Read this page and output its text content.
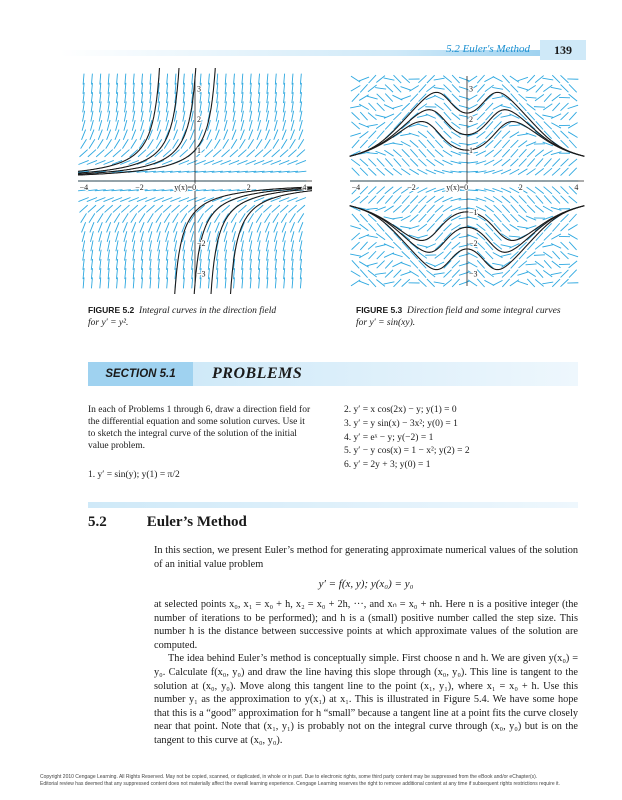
5.2 Euler's Method	139
3
2
1
−2
−3
−4	−2	y(x)=0	2	4
3
2
1
−1
−2
−3
−4	−2	y(x)=0	2	4
FIGURE 5.2 Integral curves in the direction field
for y′ = y².
FIGURE 5.3 Direction field and some integral curves
for y′ = sin(xy).
SECTION 5.1	PROBLEMS
In each of Problems 1 through 6, draw a direction field for
the differential equation and some solution curves. Use it
to sketch the integral curve of the solution of the initial
value problem.
1. y′ = sin(y); y(1) = π/2
2. y′ = x cos(2x) − y; y(1) = 0
3. y′ = y sin(x) − 3x²; y(0) = 1
4. y′ = eˣ − y; y(−2) = 1
5. y′ − y cos(x) = 1 − x²; y(2) = 2
6. y′ = 2y + 3; y(0) = 1
5.2	Euler’s Method

In this section, we present Euler’s method for generating approximate numerical values of the solution of an initial value problem

y′ = f(x, y); y(x₀) = y₀

at selected points x₀, x₁ = x₀ + h, x₂ = x₀ + 2h, ···, and xₙ = x₀ + nh. Here n is a positive integer (the number of iterations to be performed); and h is a (small) positive number called the step size. This number h is the distance between successive points at which approximate values of the solution are computed.

The idea behind Euler’s method is conceptually simple. First choose n and h. We are given y(x₀) = y₀. Calculate f(x₀, y₀) and draw the line having this slope through (x₀, y₀). This line is tangent to the solution at (x₀, y₀). Move along this tangent line to the point (x₁, y₁), where x₁ = x₀ + h. Use this number y₁ as the approximation to y(x₁) at x₁. This is illustrated in Figure 5.4. We have some hope that this is a “good” approximation for h “small” because a tangent line at a point fits the curve closely near that point. Note that (x₁, y₁) is probably not on the integral curve through (x₀, y₀) but is on the tangent to this curve at (x₀, y₀).

Copyright 2010 Cengage Learning. All Rights Reserved. May not be copied, scanned, or duplicated, in whole or in part. Due to electronic rights, some third party content may be suppressed from the eBook and/or eChapter(s).
Editorial review has deemed that any suppressed content does not materially affect the overall learning experience. Cengage Learning reserves the right to remove additional content at any time if subsequent rights restrictions require it.
